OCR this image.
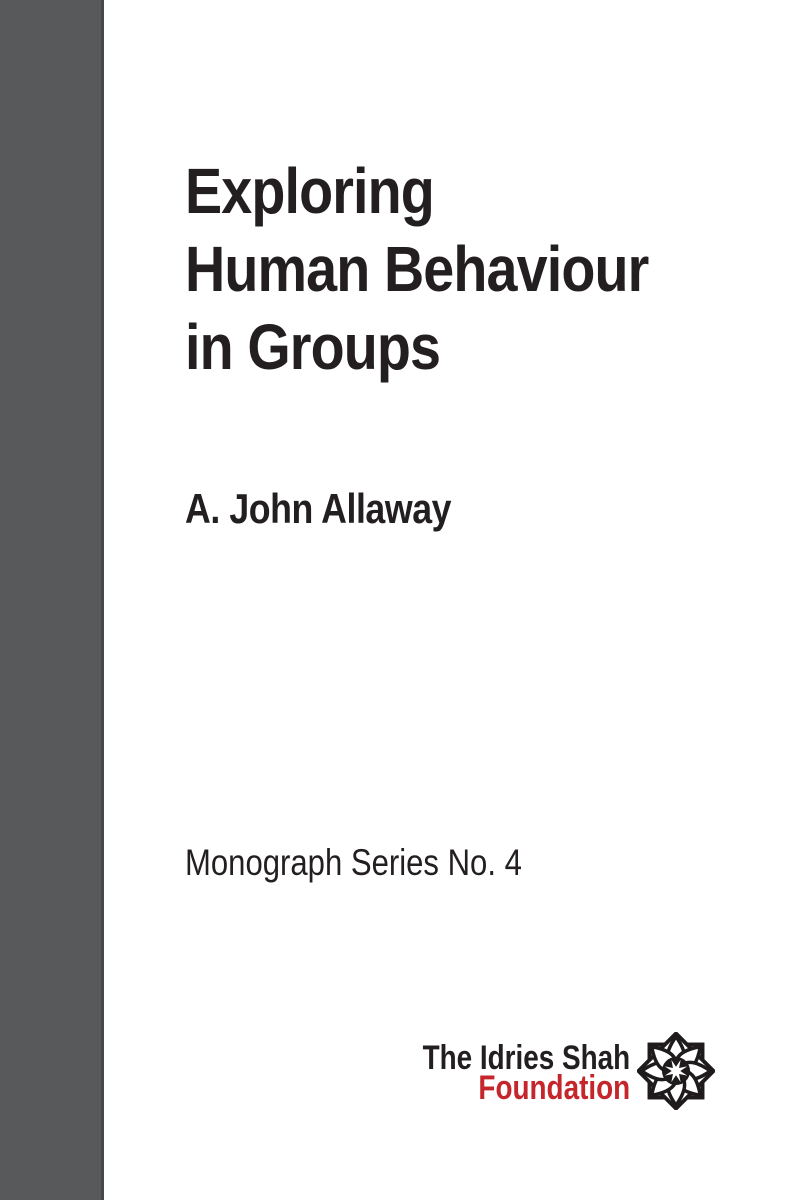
Exploring
Human Behaviour
in Groups
A. John Allaway
Monograph Series No. 4
The Idries Shah
Foundation
